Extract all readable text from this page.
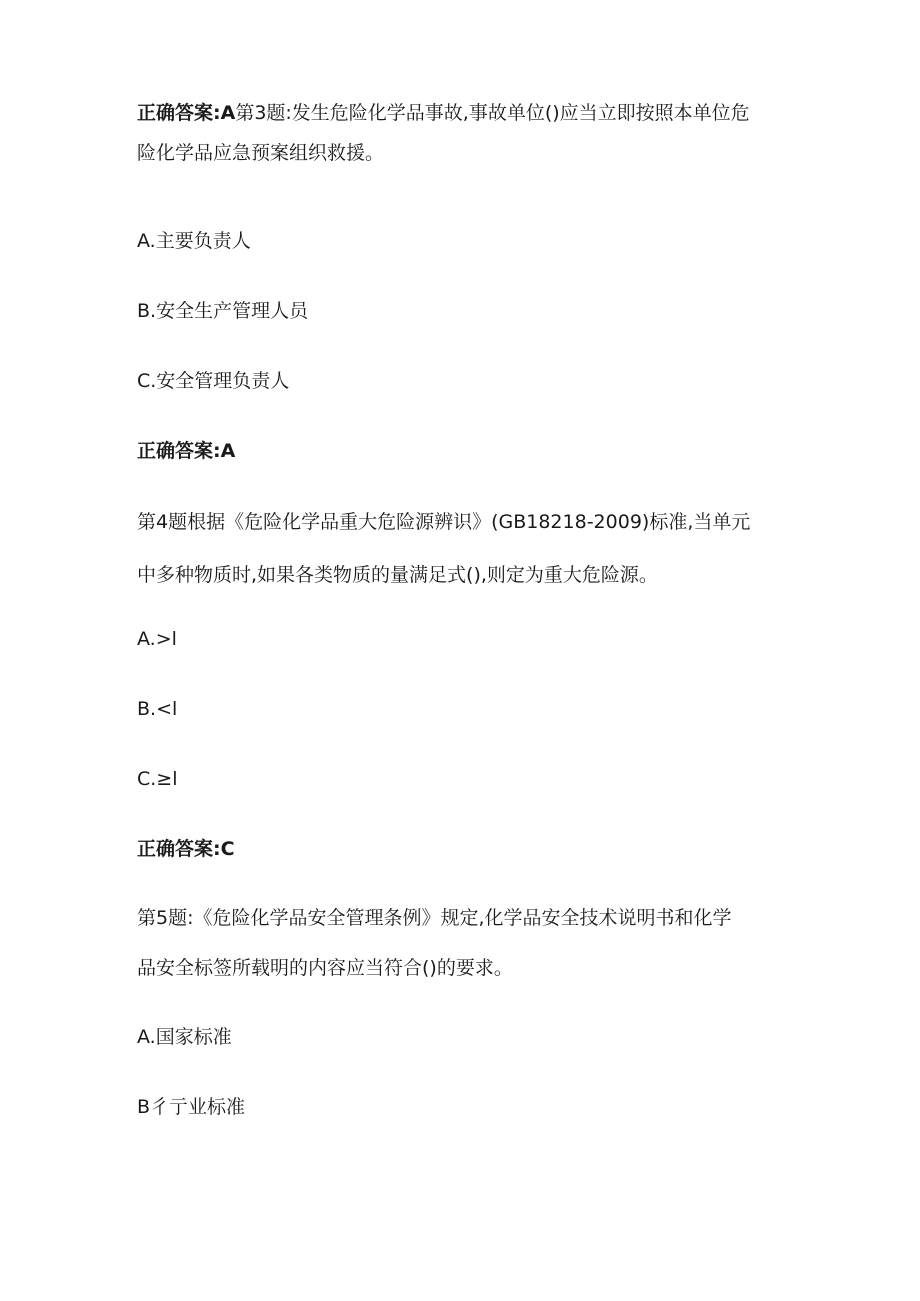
正确答案:A第3题:发生危险化学品事故,事故单位()应当立即按照本单位危
险化学品应急预案组织救援。
A.主要负责人
B.安全生产管理人员
C.安全管理负责人
正确答案:A
第4题根据《危险化学品重大危险源辨识》(GB18218-2009)标准,当单元
中多种物质时,如果各类物质的量满足式(),则定为重大危险源。
A.>l
B.<l
C.≥l
正确答案:C
第5题:《危险化学品安全管理条例》规定,化学品安全技术说明书和化学
品安全标签所载明的内容应当符合()的要求。
A.国家标准
B彳亍业标准
